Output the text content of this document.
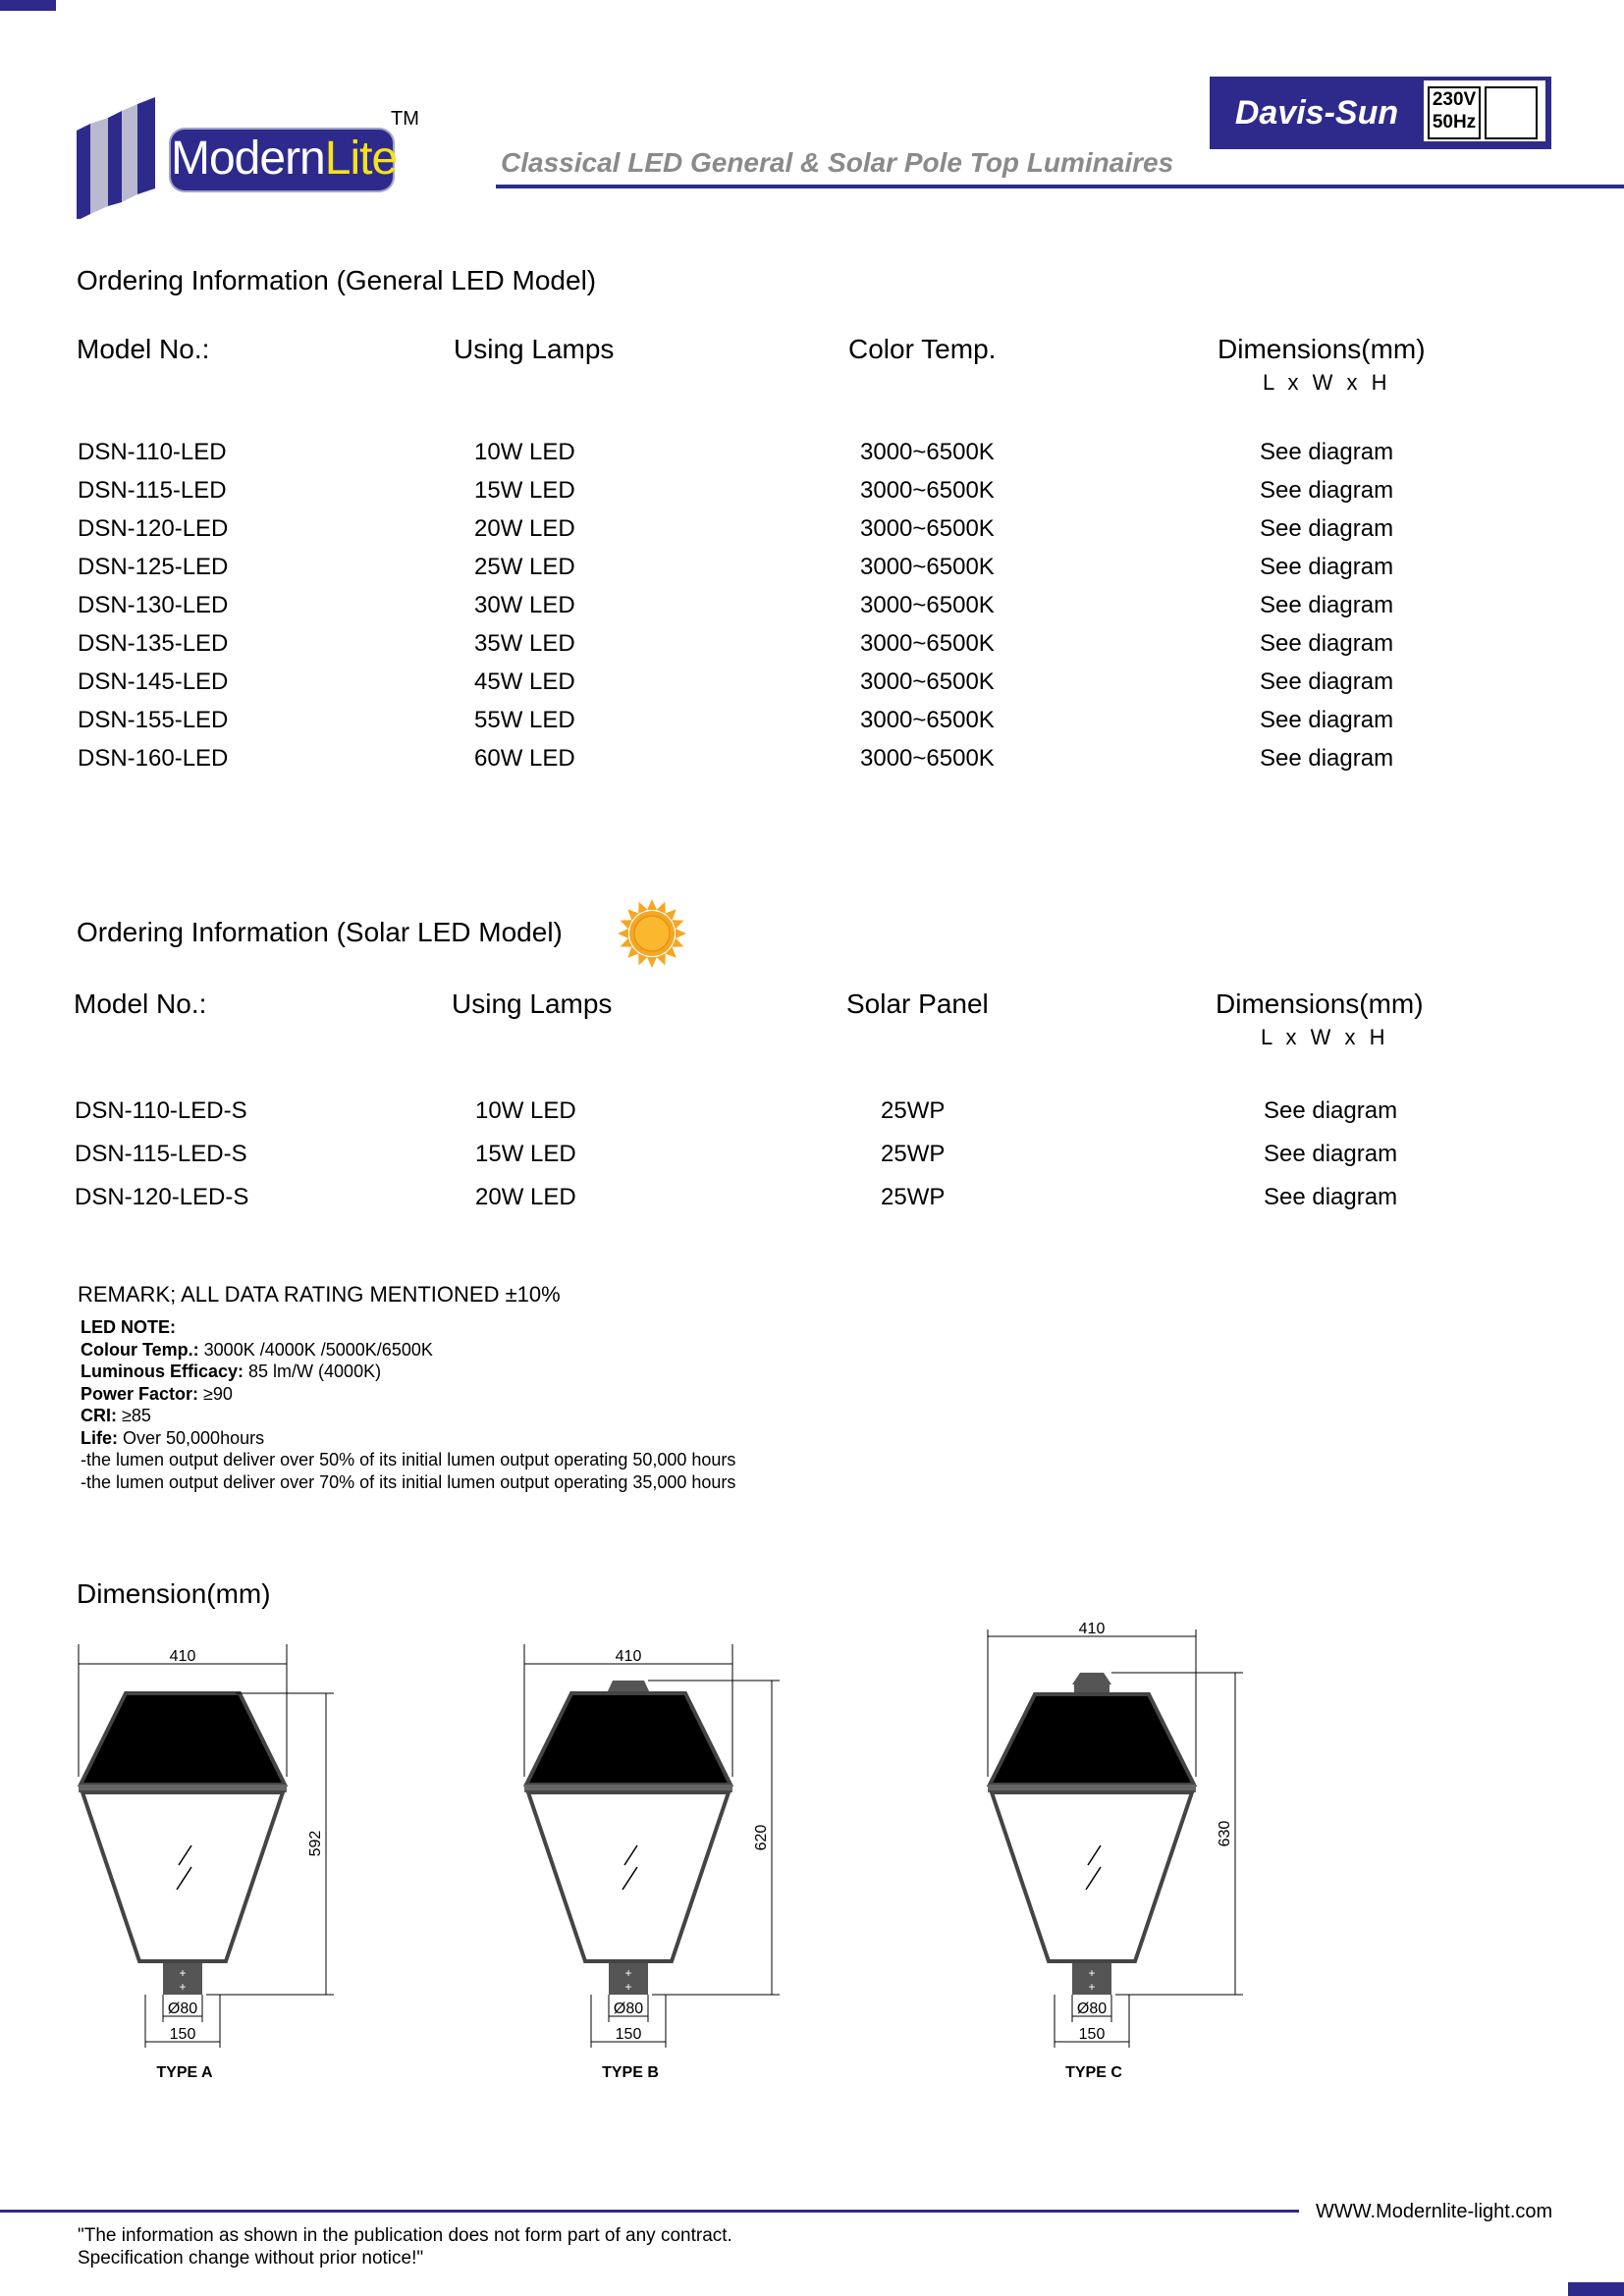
ModernLite
TM	Davis-Sun	230V
50Hz
Classical LED General & Solar Pole Top Luminaires
Ordering Information (General LED Model)
Model No.:	Using Lamps	Color Temp.	Dimensions(mm)
L x W x H
DSN-110-LED	10W LED	3000~6500K	See diagram
DSN-115-LED	15W LED	3000~6500K	See diagram
DSN-120-LED	20W LED	3000~6500K	See diagram
DSN-125-LED	25W LED	3000~6500K	See diagram
DSN-130-LED	30W LED	3000~6500K	See diagram
DSN-135-LED	35W LED	3000~6500K	See diagram
DSN-145-LED	45W LED	3000~6500K	See diagram
DSN-155-LED	55W LED	3000~6500K	See diagram
DSN-160-LED	60W LED	3000~6500K	See diagram
Ordering Information (Solar LED Model)
Model No.:	Using Lamps	Solar Panel	Dimensions(mm)
L x W x H
DSN-110-LED-S	10W LED	25WP	See diagram
DSN-115-LED-S	15W LED	25WP	See diagram
DSN-120-LED-S	20W LED	25WP	See diagram
REMARK; ALL DATA RATING MENTIONED ±10%
LED NOTE:
Colour Temp.: 3000K /4000K /5000K/6500K
Luminous Efficacy: 85 lm/W (4000K)
Power Factor: ≥90
CRI: ≥85
Life: Over 50,000hours
-the lumen output deliver over 50% of its initial lumen output operating 50,000 hours
-the lumen output deliver over 70% of its initial lumen output operating 35,000 hours
Dimension(mm)
410
+
+
592
Ø80
150
TYPE A
410
+
+
620
Ø80
150
TYPE B
410
+
+
630
Ø80
150
TYPE C
WWW.Modernlite-light.com
"The information as shown in the publication does not form part of any contract.
Specification change without prior notice!"
